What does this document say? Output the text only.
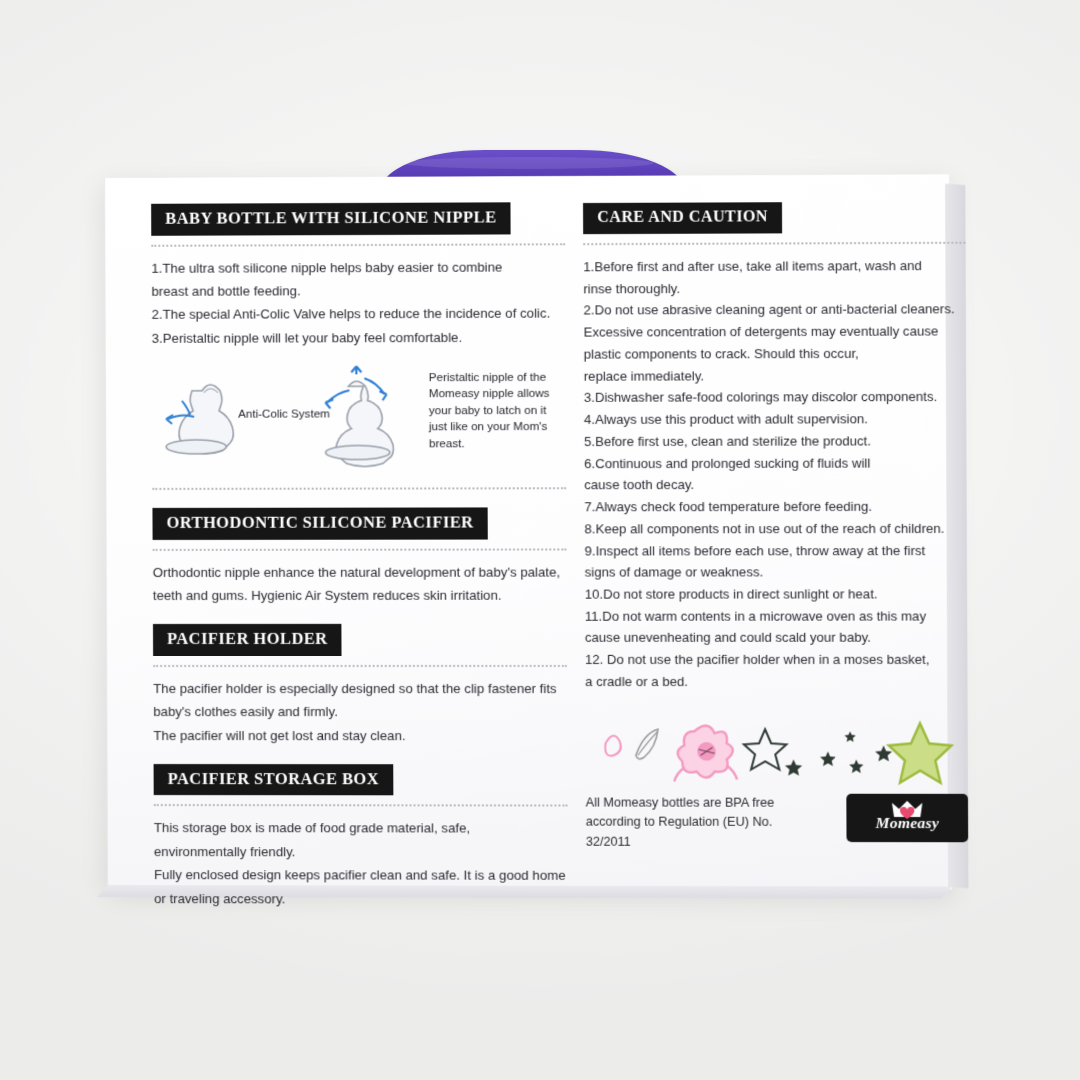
BABY BOTTLE WITH SILICONE NIPPLE

1.The ultra soft silicone nipple helps baby easier to combine

breast and bottle feeding.

2.The special Anti-Colic Valve helps to reduce the incidence of colic.

3.Peristaltic nipple will let your baby feel comfortable.

Anti-Colic System
Peristaltic nipple of the Momeasy nipple allows your baby to latch on it just like on your Mom's breast.
ORTHODONTIC SILICONE PACIFIER

Orthodontic nipple enhance the natural development of baby's palate,

teeth and gums. Hygienic Air System reduces skin irritation.

PACIFIER HOLDER

The pacifier holder is especially designed so that the clip fastener fits

baby's clothes easily and firmly.

The pacifier will not get lost and stay clean.

PACIFIER STORAGE BOX

This storage box is made of food grade material, safe,

environmentally friendly.

Fully enclosed design keeps pacifier clean and safe. It is a good home

or traveling accessory.

CARE AND CAUTION

1.Before first and after use, take all items apart, wash and

rinse thoroughly.

2.Do not use abrasive cleaning agent or anti-bacterial cleaners.

Excessive concentration of detergents may eventually cause

plastic components to crack. Should this occur,

replace immediately.

3.Dishwasher safe-food colorings may discolor components.

4.Always use this product with adult supervision.

5.Before first use, clean and sterilize the product.

6.Continuous and prolonged sucking of fluids will

cause tooth decay.

7.Always check food temperature before feeding.

8.Keep all components not in use out of the reach of children.

9.Inspect all items before each use, throw away at the first

signs of damage or weakness.

10.Do not store products in direct sunlight or heat.

11.Do not warm contents in a microwave oven as this may

cause unevenheating and could scald your baby.

12. Do not use the pacifier holder when in a moses basket,

a cradle or a bed.

All Momeasy bottles are BPA free according to Regulation (EU) No. 32/2011
Momeasy
